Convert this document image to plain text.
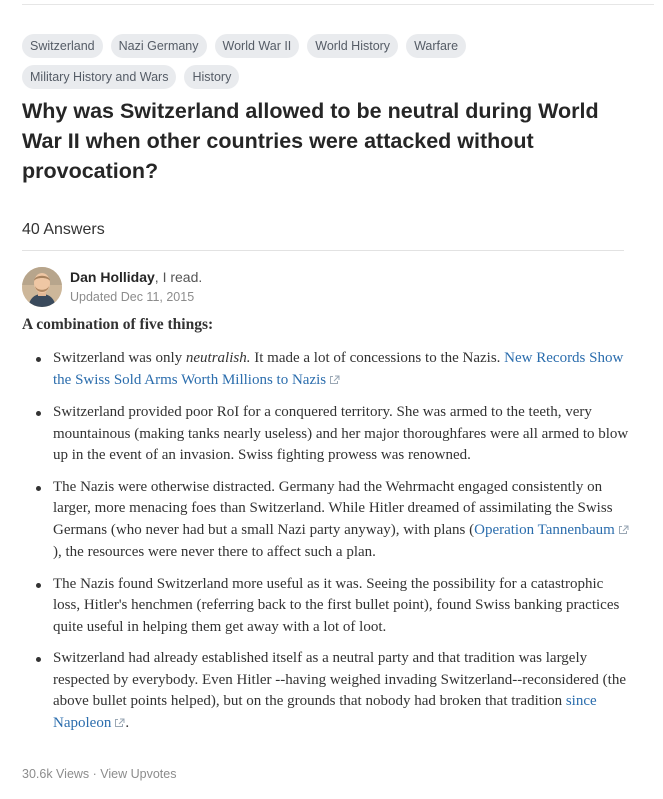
Switzerland	Nazi Germany	World War II	World History	Warfare
Military History and Wars	History
Why was Switzerland allowed to be neutral during World War II when other countries were attacked without provocation?
40 Answers
Dan Holliday, I read.
Updated Dec 11, 2015

A combination of five things:

Switzerland was only neutralish. It made a lot of concessions to the Nazis. New Records Show the Swiss Sold Arms Worth Millions to Nazis
Switzerland provided poor RoI for a conquered territory. She was armed to the teeth, very mountainous (making tanks nearly useless) and her major thoroughfares were all armed to blow up in the event of an invasion. Swiss fighting prowess was renowned.
The Nazis were otherwise distracted. Germany had the Wehrmacht engaged consistently on larger, more menacing foes than Switzerland. While Hitler dreamed of assimilating the Swiss Germans (who never had but a small Nazi party anyway), with plans (Operation Tannenbaum), the resources were never there to affect such a plan.
The Nazis found Switzerland more useful as it was. Seeing the possibility for a catastrophic loss, Hitler's henchmen (referring back to the first bullet point), found Swiss banking practices quite useful in helping them get away with a lot of loot.
Switzerland had already established itself as a neutral party and that tradition was largely respected by everybody. Even Hitler --having weighed invading Switzerland--reconsidered (the above bullet points helped), but on the grounds that nobody had broken that tradition since Napoleon .
30.6k Views · View Upvotes
